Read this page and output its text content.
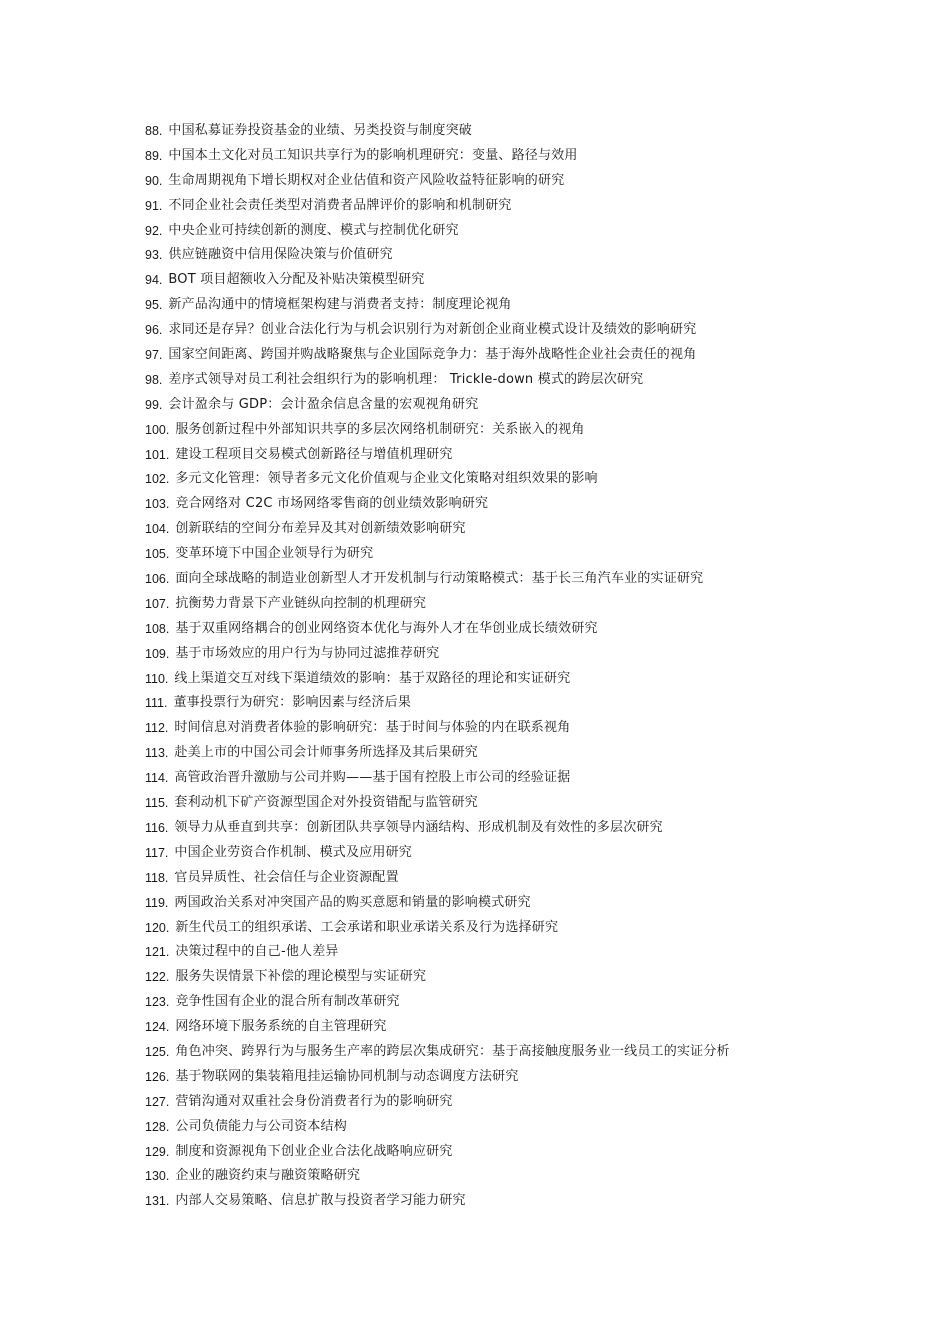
88. 中国私募证券投资基金的业绩、另类投资与制度突破
89. 中国本土文化对员工知识共享行为的影响机理研究：变量、路径与效用
90. 生命周期视角下增长期权对企业估值和资产风险收益特征影响的研究
91. 不同企业社会责任类型对消费者品牌评价的影响和机制研究
92. 中央企业可持续创新的测度、模式与控制优化研究
93. 供应链融资中信用保险决策与价值研究
94. BOT 项目超额收入分配及补贴决策模型研究
95. 新产品沟通中的情境框架构建与消费者支持：制度理论视角
96. 求同还是存异？创业合法化行为与机会识别行为对新创企业商业模式设计及绩效的影响研究
97. 国家空间距离、跨国并购战略聚焦与企业国际竞争力：基于海外战略性企业社会责任的视角
98. 差序式领导对员工利社会组织行为的影响机理： Trickle-down 模式的跨层次研究
99. 会计盈余与 GDP：会计盈余信息含量的宏观视角研究
100. 服务创新过程中外部知识共享的多层次网络机制研究：关系嵌入的视角
101. 建设工程项目交易模式创新路径与增值机理研究
102. 多元文化管理：领导者多元文化价值观与企业文化策略对组织效果的影响
103. 竞合网络对 C2C 市场网络零售商的创业绩效影响研究
104. 创新联结的空间分布差异及其对创新绩效影响研究
105. 变革环境下中国企业领导行为研究
106. 面向全球战略的制造业创新型人才开发机制与行动策略模式：基于长三角汽车业的实证研究
107. 抗衡势力背景下产业链纵向控制的机理研究
108. 基于双重网络耦合的创业网络资本优化与海外人才在华创业成长绩效研究
109. 基于市场效应的用户行为与协同过滤推荐研究
110. 线上渠道交互对线下渠道绩效的影响：基于双路径的理论和实证研究
111. 董事投票行为研究：影响因素与经济后果
112. 时间信息对消费者体验的影响研究：基于时间与体验的内在联系视角
113. 赴美上市的中国公司会计师事务所选择及其后果研究
114. 高管政治晋升激励与公司并购——基于国有控股上市公司的经验证据
115. 套利动机下矿产资源型国企对外投资错配与监管研究
116. 领导力从垂直到共享：创新团队共享领导内涵结构、形成机制及有效性的多层次研究
117. 中国企业劳资合作机制、模式及应用研究
118. 官员异质性、社会信任与企业资源配置
119. 两国政治关系对冲突国产品的购买意愿和销量的影响模式研究
120. 新生代员工的组织承诺、工会承诺和职业承诺关系及行为选择研究
121. 决策过程中的自己-他人差异
122. 服务失误情景下补偿的理论模型与实证研究
123. 竞争性国有企业的混合所有制改革研究
124. 网络环境下服务系统的自主管理研究
125. 角色冲突、跨界行为与服务生产率的跨层次集成研究：基于高接触度服务业一线员工的实证分析
126. 基于物联网的集装箱甩挂运输协同机制与动态调度方法研究
127. 营销沟通对双重社会身份消费者行为的影响研究
128. 公司负债能力与公司资本结构
129. 制度和资源视角下创业企业合法化战略响应研究
130. 企业的融资约束与融资策略研究
131. 内部人交易策略、信息扩散与投资者学习能力研究
